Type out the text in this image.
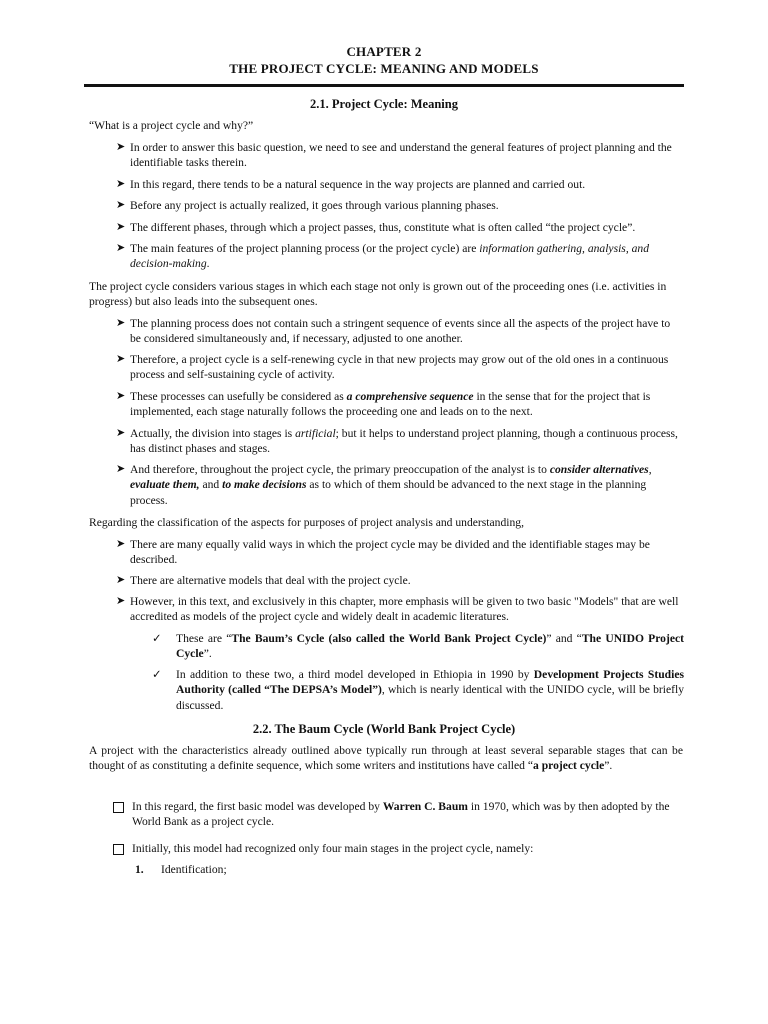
CHAPTER 2
THE PROJECT CYCLE: MEANING AND MODELS
2.1. Project Cycle: Meaning
“What is a project cycle and why?”
➤ In order to answer this basic question, we need to see and understand the general features of project planning and the identifiable tasks therein.
➤ In this regard, there tends to be a natural sequence in the way projects are planned and carried out.
➤ Before any project is actually realized, it goes through various planning phases.
➤ The different phases, through which a project passes, thus, constitute what is often called “the project cycle”.
➤ The main features of the project planning process (or the project cycle) are information gathering, analysis, and decision-making.
The project cycle considers various stages in which each stage not only is grown out of the proceeding ones (i.e. activities in progress) but also leads into the subsequent ones.
➤ The planning process does not contain such a stringent sequence of events since all the aspects of the project have to be considered simultaneously and, if necessary, adjusted to one another.
➤ Therefore, a project cycle is a self-renewing cycle in that new projects may grow out of the old ones in a continuous process and self-sustaining cycle of activity.
➤ These processes can usefully be considered as a comprehensive sequence in the sense that for the project that is implemented, each stage naturally follows the proceeding one and leads on to the next.
➤ Actually, the division into stages is artificial; but it helps to understand project planning, though a continuous process, has distinct phases and stages.
➤ And therefore, throughout the project cycle, the primary preoccupation of the analyst is to consider alternatives, evaluate them, and to make decisions as to which of them should be advanced to the next stage in the planning process.
Regarding the classification of the aspects for purposes of project analysis and understanding,
➤ There are many equally valid ways in which the project cycle may be divided and the identifiable stages may be described.
➤ There are alternative models that deal with the project cycle.
➤ However, in this text, and exclusively in this chapter, more emphasis will be given to two basic "Models" that are well accredited as models of the project cycle and widely dealt in academic literatures.
✓	These are “The Baum’s Cycle (also called the World Bank Project Cycle)” and “The UNIDO Project Cycle”.
✓	In addition to these two, a third model developed in Ethiopia in 1990 by Development Projects Studies Authority (called “The DEPSA’s Model”), which is nearly identical with the UNIDO cycle, will be briefly discussed.
2.2. The Baum Cycle (World Bank Project Cycle)
A project with the characteristics already outlined above typically run through at least several separable stages that can be thought of as constituting a definite sequence, which some writers and institutions have called “a project cycle”.
In this regard, the first basic model was developed by Warren C. Baum in 1970, which was by then adopted by the World Bank as a project cycle.
Initially, this model had recognized only four main stages in the project cycle, namely:
1.	Identification;
